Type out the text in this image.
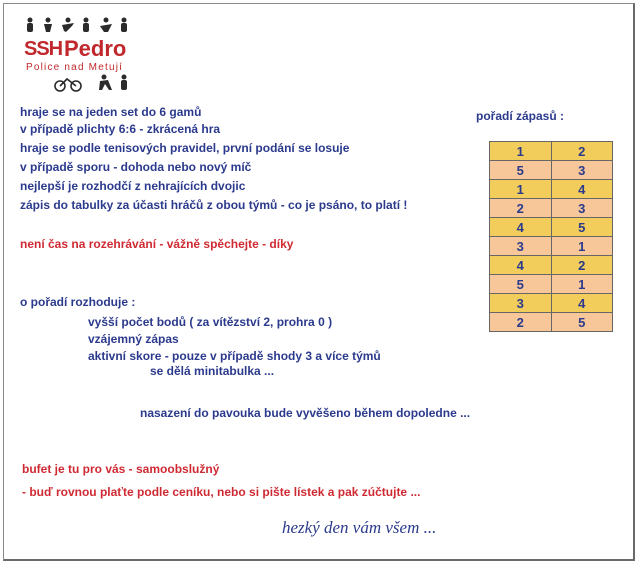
SSH Pedro
Police nad Metují
hraje se na jeden set do 6 gamů
v případě plichty 6:6 - zkrácená hra
hraje se podle tenisových pravidel, první podání se losuje
v případě sporu - dohoda nebo nový míč
nejlepší je rozhodčí z nehrajících dvojic
zápis do tabulky za účasti hráčů z obou týmů - co je psáno, to platí !
není čas na rozehrávání - vážně spěchejte - díky
o pořadí rozhoduje :
vyšší počet bodů ( za vítězství 2, prohra 0 )
vzájemný zápas
aktivní skore - pouze v případě shody 3 a více týmů
se dělá minitabulka ...
nasazení do pavouka bude vyvěšeno během dopoledne ...
bufet je tu pro vás - samoobslužný
- buď rovnou plaťte podle ceníku, nebo si pište lístek a pak zúčtujte ...
hezký den vám všem ...
pořadí zápasů :
1	2
5	3
1	4
2	3
4	5
3	1
4	2
5	1
3	4
2	5
